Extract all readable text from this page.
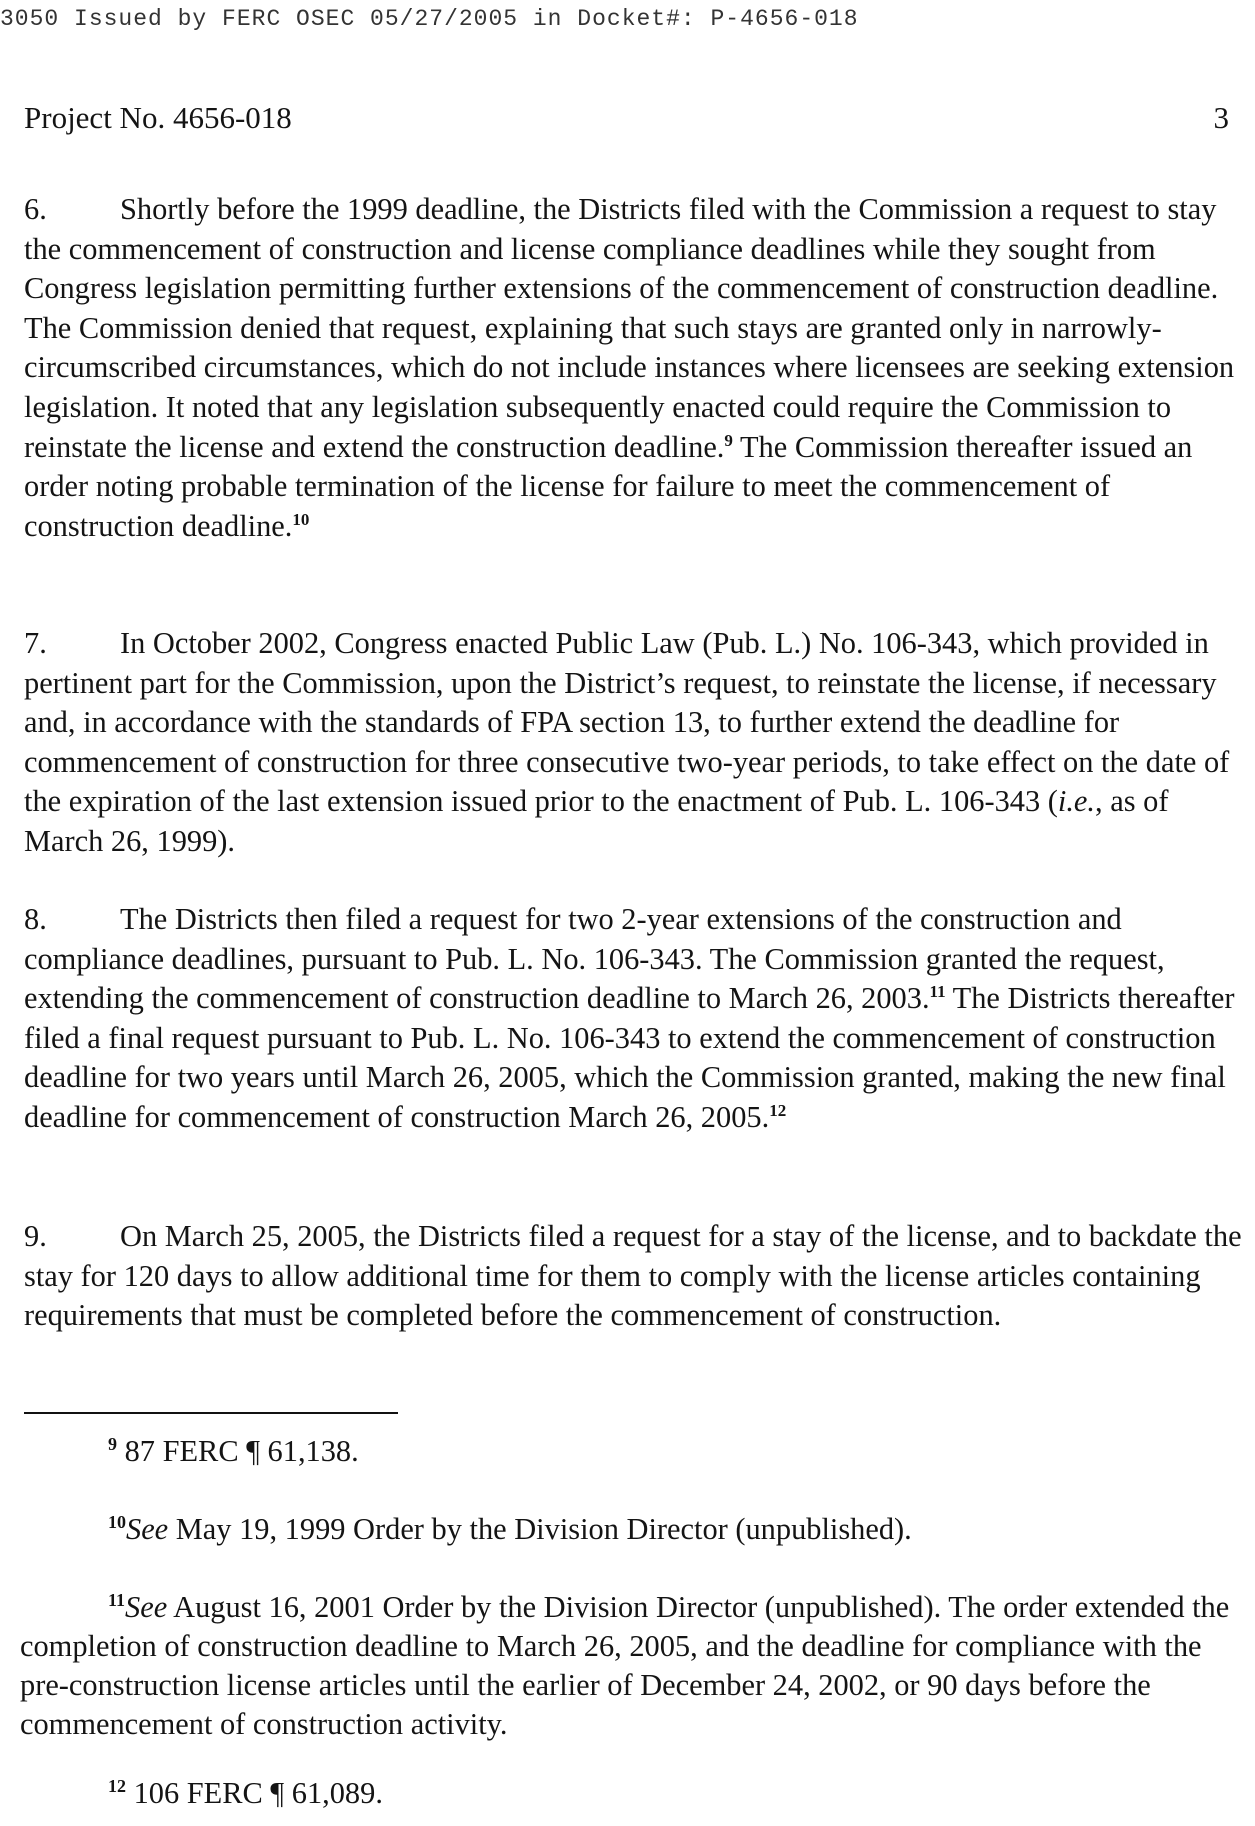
3050 Issued by FERC OSEC 05/27/2005 in Docket#: P-4656-018
Project No. 4656-018	3

6. Shortly before the 1999 deadline, the Districts filed with the Commission a request to stay the commencement of construction and license compliance deadlines while they sought from Congress legislation permitting further extensions of the commencement of construction deadline. The Commission denied that request, explaining that such stays are granted only in narrowly-circumscribed circumstances, which do not include instances where licensees are seeking extension legislation. It noted that any legislation subsequently enacted could require the Commission to reinstate the license and extend the construction deadline.$^9$ The Commission thereafter issued an order noting probable termination of the license for failure to meet the commencement of construction deadline.$^{10}$

7. In October 2002, Congress enacted Public Law (Pub. L.) No. 106-343, which provided in pertinent part for the Commission, upon the District’s request, to reinstate the license, if necessary and, in accordance with the standards of FPA section 13, to further extend the deadline for commencement of construction for three consecutive two-year periods, to take effect on the date of the expiration of the last extension issued prior to the enactment of Pub. L. 106-343 (i.e., as of March 26, 1999).

8. The Districts then filed a request for two 2-year extensions of the construction and compliance deadlines, pursuant to Pub. L. No. 106-343. The Commission granted the request, extending the commencement of construction deadline to March 26, 2003.11 The Districts thereafter filed a final request pursuant to Pub. L. No. 106-343 to extend the commencement of construction deadline for two years until March 26, 2005, which the Commission granted, making the new final deadline for commencement of construction March 26, 2005.12

9. On March 25, 2005, the Districts filed a request for a stay of the license, and to backdate the stay for 120 days to allow additional time for them to comply with the license articles containing requirements that must be completed before the commencement of construction.

$^9$ 87 FERC ¶ 61,138.

$^{10}$See May 19, 1999 Order by the Division Director (unpublished).

$^{11}$See August 16, 2001 Order by the Division Director (unpublished). The order extended the completion of construction deadline to March 26, 2005, and the deadline for compliance with the pre-construction license articles until the earlier of December 24, 2002, or 90 days before the commencement of construction activity.

$^{12}$ 106 FERC ¶ 61,089.
